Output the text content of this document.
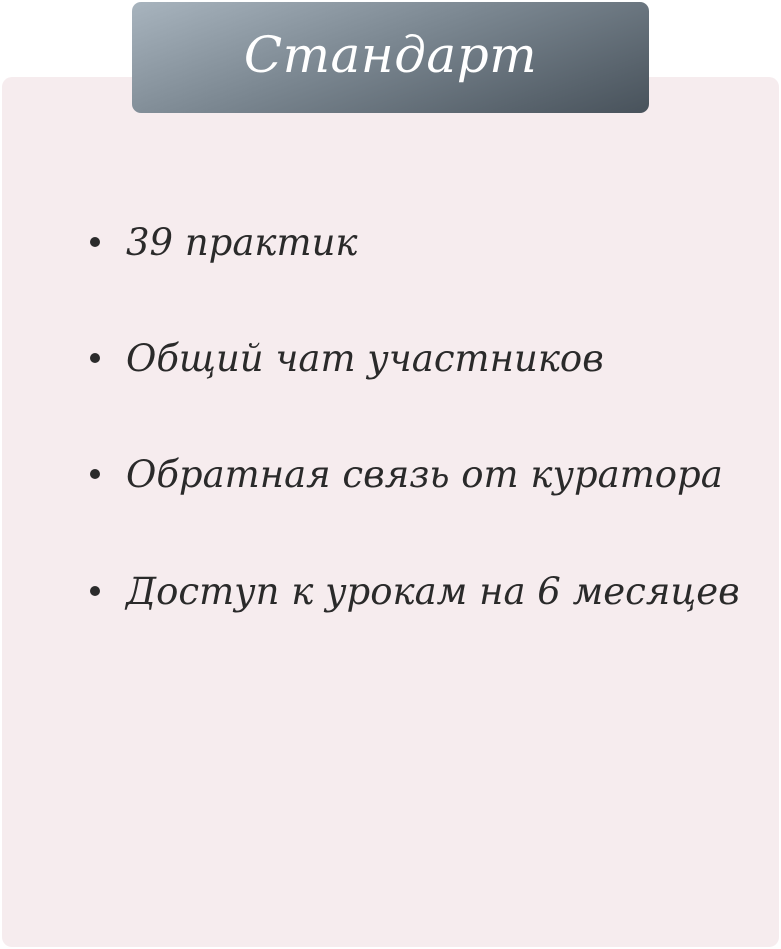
39 практик
Общий чат участников
Обратная связь от куратора
Доступ к урокам на 6 месяцев
Стандарт
